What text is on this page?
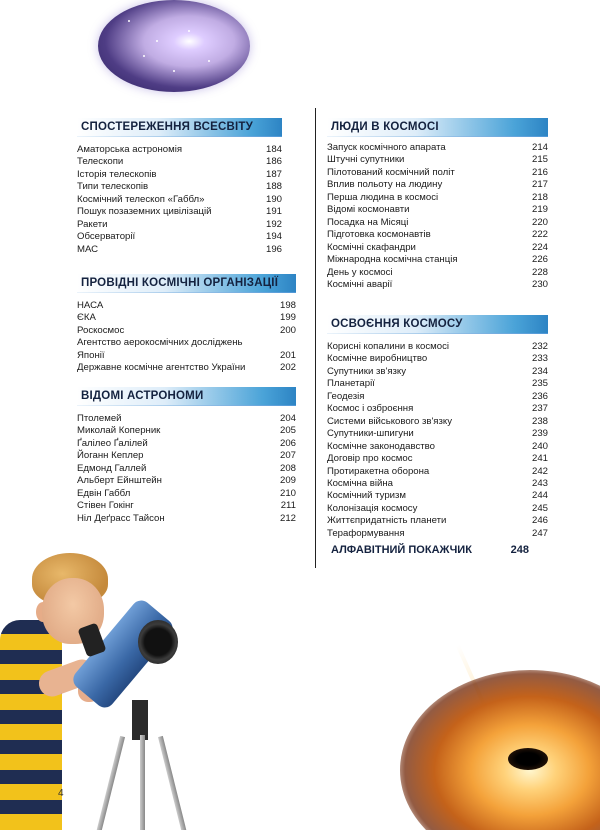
СПОСТЕРЕЖЕННЯ ВСЕСВІТУ
Аматорська астрономія	184
Телескопи	186
Історія телескопів	187
Типи телескопів	188
Космічний телескоп «Габбл»	190
Пошук позаземних цивілізацій	191
Ракети	192
Обсерваторії	194
МАС	196
ПРОВІДНІ КОСМІЧНІ ОРГАНІЗАЦІЇ
НАСА	198
ЄКА	199
Роскосмос	200
Агентство аерокосмічних досліджень Японії	201
Державне космічне агентство України	202
ВІДОМІ АСТРОНОМИ
Птолемей	204
Миколай Коперник	205
Ґалілео Ґалілей	206
Йоганн Кеплер	207
Едмонд Галлей	208
Альберт Ейнштейн	209
Едвін Габбл	210
Стівен Гокінг	211
Ніл Деґрасс Тайсон	212
ЛЮДИ В КОСМОСІ
Запуск космічного апарата	214
Штучні супутники	215
Пілотований космічний політ	216
Вплив польоту на людину	217
Перша людина в космосі	218
Відомі космонавти	219
Посадка на Місяці	220
Підготовка космонавтів	222
Космічні скафандри	224
Міжнародна космічна станція	226
День у космосі	228
Космічні аварії	230
ОСВОЄННЯ КОСМОСУ
Корисні копалини в космосі	232
Космічне виробництво	233
Супутники зв'язку	234
Планетарії	235
Геодезія	236
Космос і озброєння	237
Системи військового зв'язку	238
Супутники-шпигуни	239
Космічне законодавство	240
Договір про космос	241
Протиракетна оборона	242
Космічна війна	243
Космічний туризм	244
Колонізація космосу	245
Життєпридатність планети	246
Тераформування	247
АЛФАВІТНИЙ ПОКАЖЧИК	248
4
